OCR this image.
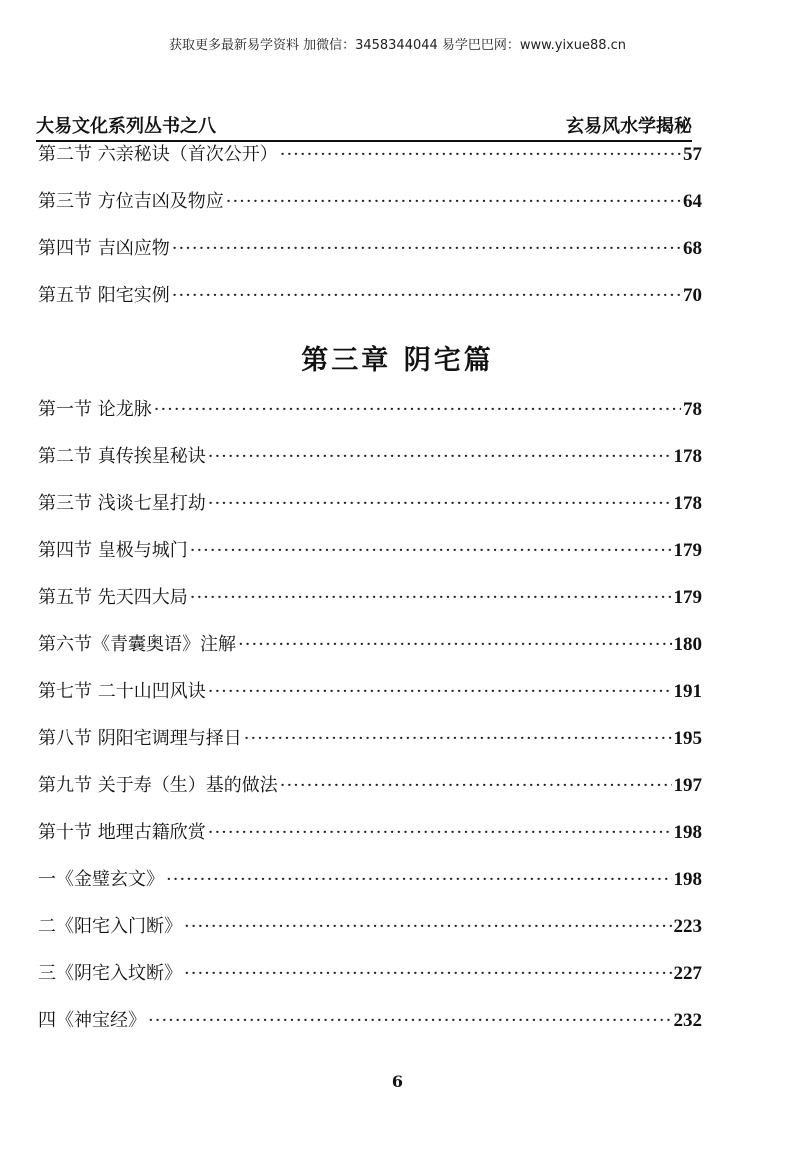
获取更多最新易学资料 加微信：3458344044 易学巴巴网：www.yixue88.cn
大易文化系列丛书之八	玄易风水学揭秘
第二节 六亲秘诀（首次公开） ·····	57
第三节 方位吉凶及物应 ·····	64
第四节 吉凶应物 ·····	68
第五节 阳宅实例 ·····	70
第三章 阴宅篇
第一节 论龙脉 ·····	78
第二节 真传挨星秘诀 ·····	178
第三节 浅谈七星打劫 ·····	178
第四节 皇极与城门 ·····	179
第五节 先天四大局 ·····	179
第六节《青囊奥语》注解 ·····	180
第七节 二十山凹风诀 ·····	191
第八节 阴阳宅调理与择日 ·····	195
第九节 关于寿（生）基的做法 ·····	197
第十节 地理古籍欣赏 ·····	198
一《金璧玄文》 ·····	198
二《阳宅入门断》 ·····	223
三《阴宅入坟断》 ·····	227
四《神宝经》 ·····	232
6
